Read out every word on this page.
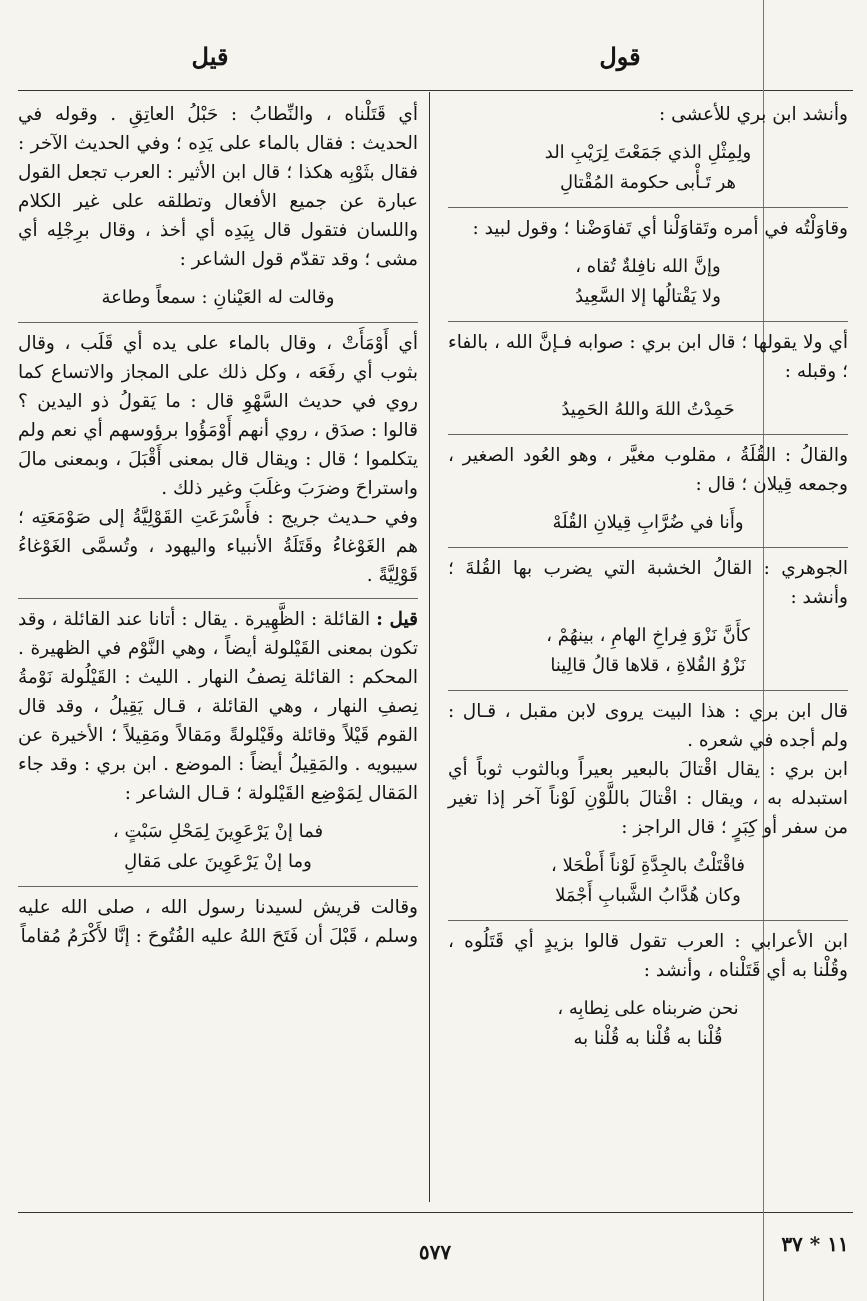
قول
قيل

وأنشد ابن بري للأعشى :

ولِمِثْلِ الذي جَمَعْتَ لِرَيْبِ الد
هر تَـأْبى حكومة المُقْتالِ

وقاوَلْتُه في أمره وتَقاوَلْنا أي تَفاوَضْنا ؛ وقول لبيد :

وإنَّ الله نافِلةٌ تُقاه ،
ولا يَقْتالُها إلا السَّعِيدُ

أي ولا يقولها ؛ قال ابن بري : صوابه فـإنَّ الله ، بالفاء ؛ وقبله :

حَمِدْتُ اللهَ واللهُ الحَمِيدُ

والقالُ : القُلَةُ ، مقلوب مغيَّر ، وهو العُود الصغير ، وجمعه قِيلان ؛ قال :

وأَنا في ضُرَّابِ قِيلانِ القُلَهْ

الجوهري : القالُ الخشبة التي يضرب بها القُلةَ ؛ وأنشد :

كأَنَّ نَزْوَ فِراخِ الهامِ ، بينهُمْ ،
نَزْوُ القُلاةِ ، قلاها قالُ قالِينا

قال ابن بري : هذا البيت يروى لابن مقبل ، قـال : ولم أجده في شعره .

ابن بري : يقال اقْتالَ بالبعير بعيراً وبالثوب ثوباً أي استبدله به ، ويقال : اقْتالَ باللَّوْنِ لَوْناً آخر إذا تغير من سفر أو كِبَرٍ ؛ قال الراجز :

فاقْتَلْتُ بالجِدَّةِ لَوْناً أَطْحَلا ،
وكان هُدَّابُ الشَّبابِ أَجْمَلا

ابن الأعرابي : العرب تقول قالوا بزيدٍ أي قَتَلُوه ، وقُلْنا به أي قَتَلْناه ، وأنشد :

نحن ضربناه على نِطابِه ،
قُلْنا به قُلْنا به قُلْنا به

أي قَتَلْناه ، والنِّطابُ : حَبْلُ العاتِقِ . وقوله في الحديث : فقال بالماء على يَدِه ؛ وفي الحديث الآخر : فقال بثَوْبِه هكذا ؛ قال ابن الأثير : العرب تجعل القول عبارة عن جميع الأفعال وتطلقه على غير الكلام واللسان فتقول قال بِيَدِه أي أخذ ، وقال برِجْلِه أي مشى ؛ وقد تقدّم قول الشاعر :

وقالت له العَيْنانِ : سمعاً وطاعة

أي أَوْمَأَتْ ، وقال بالماء على يده أي قَلَب ، وقال بثوب أي رفَعَه ، وكل ذلك على المجاز والاتساع كما روي في حديث السَّهْوِ قال : ما يَقولُ ذو اليدين ؟ قالوا : صدَق ، روي أنهم أَوْمَؤُوا برؤوسهم أي نعم ولم يتكلموا ؛ قال : ويقال قال بمعنى أَقْبَلَ ، وبمعنى مالَ واستراحَ وضرَبَ وغلَبَ وغير ذلك .

وفي حـديث جريج : فأَسْرَعَتِ القَوْلِيَّةُ إلى صَوْمَعَتِه ؛ هم الغَوْغاءُ وقَتَلَةُ الأنبياء واليهود ، وتُسمَّى الغَوْغاءُ قَوْلِيَّةً .

قيل : القائلة : الظَّهِيرة . يقال : أتانا عند القائلة ، وقد تكون بمعنى القَيْلولة أيضاً ، وهي النَّوْم في الظهيرة . المحكم : القائلة نِصفُ النهار . الليث : القَيْلُولة نَوْمةُ نِصفِ النهار ، وهي القائلة ، قـال يَقِيلُ ، وقد قال القوم قَيْلاً وقائلة وقَيْلولةً ومَقالاً ومَقِيلاً ؛ الأخيرة عن سيبويه . والمَقِيلُ أيضاً : الموضع . ابن بري : وقد جاء المَقال لِمَوْضِع القَيْلولة ؛ قـال الشاعر :

فما إنْ يَرْعَوِينَ لِمَحْلِ سَبْتٍ ،
وما إنْ يَرْعَوِينَ على مَقالِ

وقالت قريش لسيدنا رسول الله ، صلى الله عليه وسلم ، قَبْلَ أن فَتَحَ اللهُ عليه الفُتُوحَ : إنَّا لأَكْرَمُ مُقاماً

٥٧٧	١١ * ٣٧
